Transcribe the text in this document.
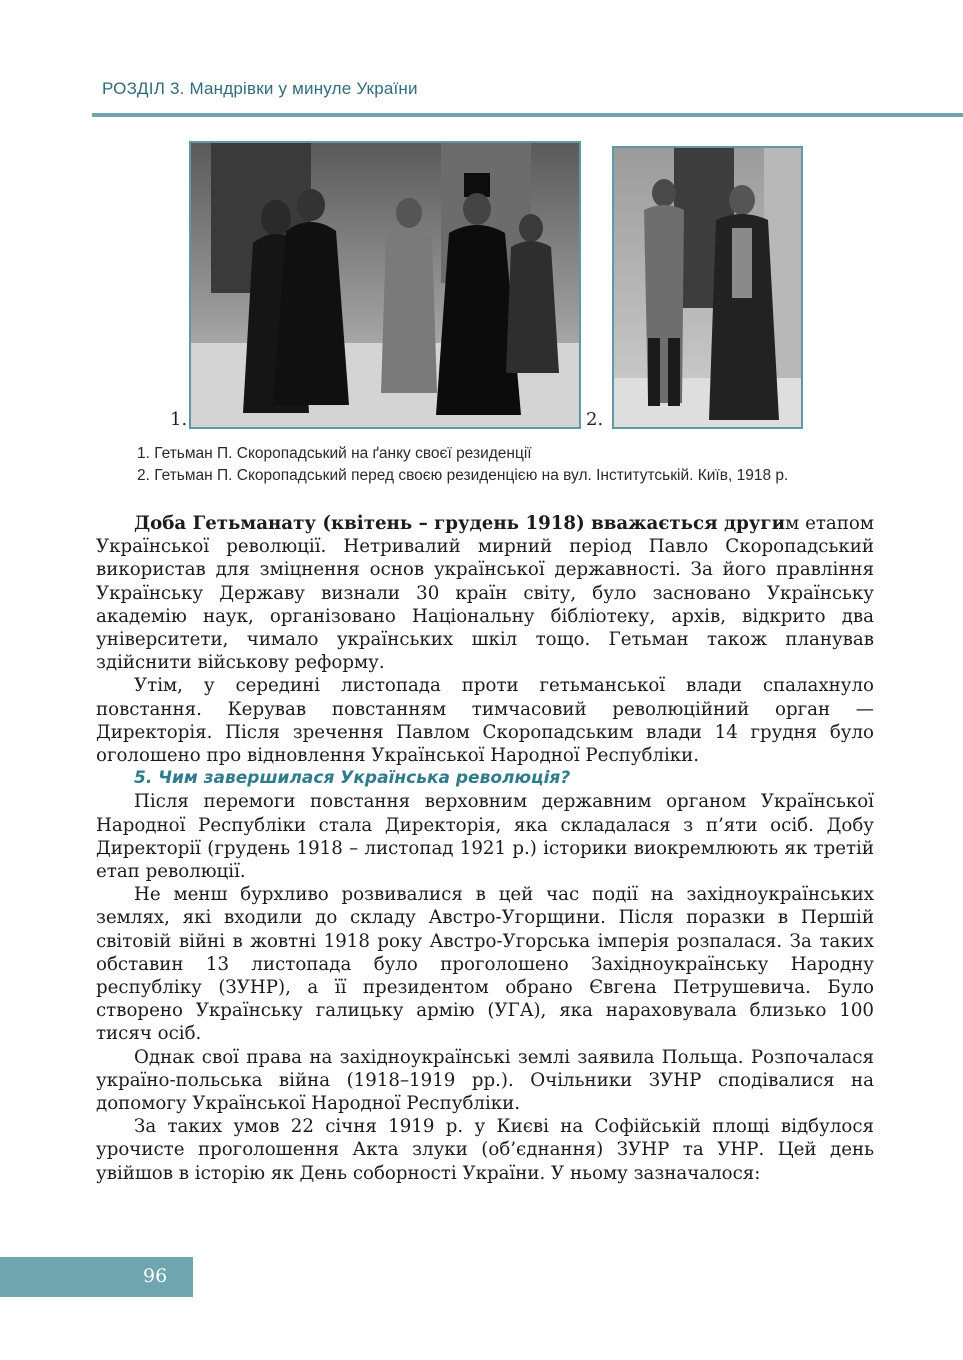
РОЗДІЛ 3. Мандрівки у минуле України
1.	2.
1. Гетьман П. Скоропадський на ґанку своєї резиденції
2. Гетьман П. Скоропадський перед своєю резиденцією на вул. Інститутській. Київ, 1918 р.

Доба Гетьманату (квітень – грудень 1918) вважається другим етапом Української революції. Нетривалий мирний період Павло Скоропадський використав для зміцнення основ української державності. За його правління Українську Державу визнали 30 країн світу, було засновано Українську академію наук, організовано Національну бібліотеку, архів, відкрито два університети, чимало українських шкіл тощо. Гетьман також планував здійснити військову реформу.

Утім, у середині листопада проти гетьманської влади спалахнуло повстання. Керував повстанням тимчасовий революційний орган — Директорія. Після зречення Павлом Скоропадським влади 14 грудня було оголошено про відновлення Української Народної Республіки.

5. Чим завершилася Українська революція?

Після перемоги повстання верховним державним органом Української Народної Республіки стала Директорія, яка складалася з п’яти осіб. Добу Директорії (грудень 1918 – листопад 1921 р.) історики виокремлюють як третій етап революції.

Не менш бурхливо розвивалися в цей час події на західноукраїнських землях, які входили до складу Австро-Угорщини. Після поразки в Першій світовій війні в жовтні 1918 року Австро-Угорська імперія розпалася. За таких обставин 13 листопада було проголошено Західноукраїнську Народну республіку (ЗУНР), а її президентом обрано Євгена Петрушевича. Було створено Українську галицьку армію (УГА), яка нараховувала близько 100 тисяч осіб.

Однак свої права на західноукраїнські землі заявила Польща. Розпочалася україно-польська війна (1918–1919 рр.). Очільники ЗУНР сподівалися на допомогу Української Народної Республіки.

За таких умов 22 січня 1919 р. у Києві на Софійській площі відбулося урочисте проголошення Акта злуки (об’єднання) ЗУНР та УНР. Цей день увійшов в історію як День соборності України. У ньому зазначалося:

96
